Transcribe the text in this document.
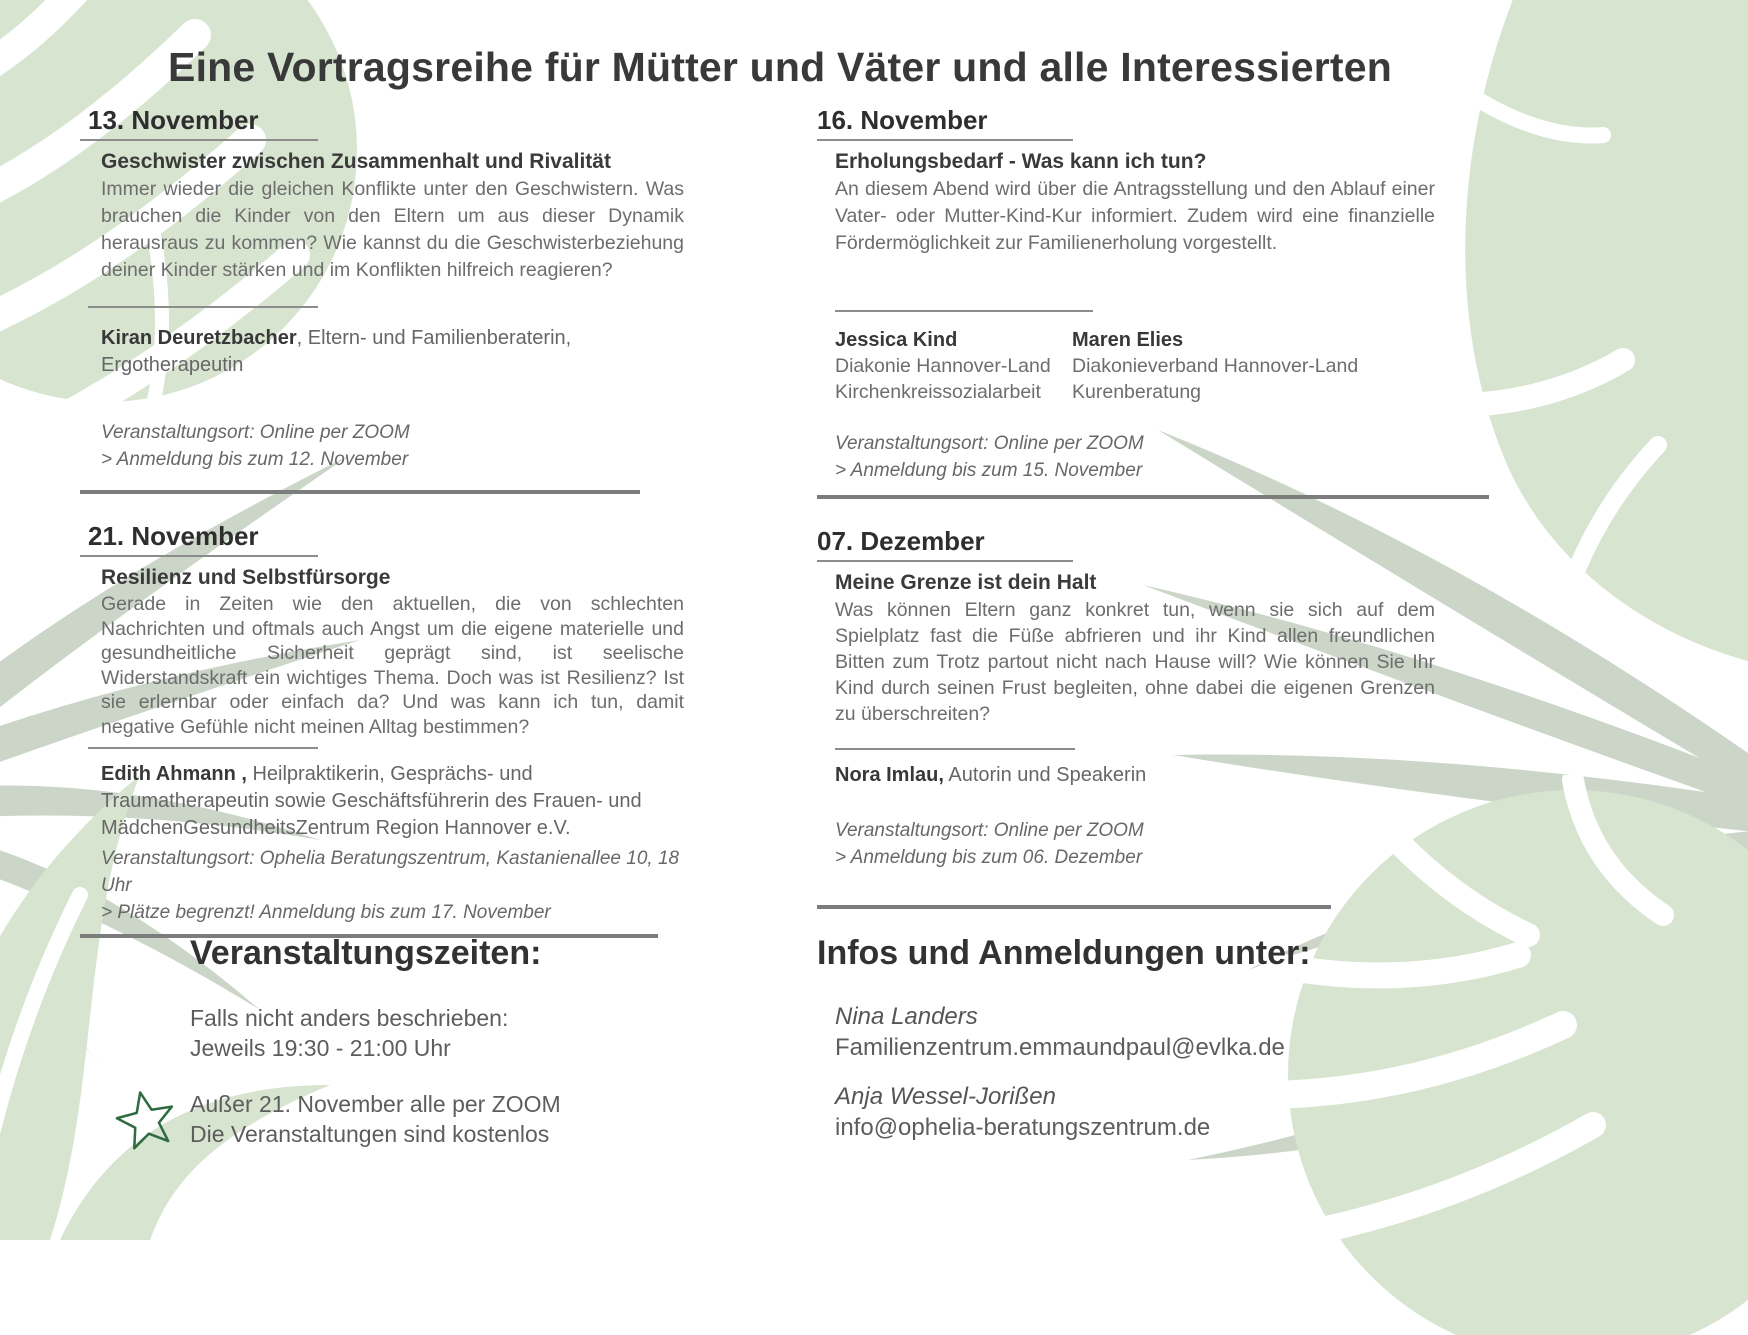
Eine Vortragsreihe für Mütter und Väter und alle Interessierten
13. November
Geschwister zwischen Zusammenhalt und Rivalität

Immer wieder die gleichen Konflikte unter den Geschwistern. Was brauchen die Kinder von den Eltern um aus dieser Dynamik herausraus zu kommen? Wie kannst du die Geschwisterbeziehung deiner Kinder stärken und im Konflikten hilfreich reagieren?

Kiran Deuretzbacher, Eltern- und Familienberaterin, Ergotherapeutin

Veranstaltungsort: Online per ZOOM
> Anmeldung bis zum 12. November

21. November
Resilienz und Selbstfürsorge

Gerade in Zeiten wie den aktuellen, die von schlechten Nachrichten und oftmals auch Angst um die eigene materielle und gesundheitliche Sicherheit geprägt sind, ist seelische Widerstandskraft ein wichtiges Thema. Doch was ist Resilienz? Ist sie erlernbar oder einfach da? Und was kann ich tun, damit negative Gefühle nicht meinen Alltag bestimmen?

Edith Ahmann , Heilpraktikerin, Gesprächs- und Traumatherapeutin sowie Geschäftsführerin des Frauen- und MädchenGesundheitsZentrum Region Hannover e.V.

Veranstaltungsort: Ophelia Beratungszentrum, Kastanienallee 10, 18 Uhr
> Plätze begrenzt! Anmeldung bis zum 17. November

16. November
Erholungsbedarf - Was kann ich tun?

An diesem Abend wird über die Antragsstellung und den Ablauf einer Vater- oder Mutter-Kind-Kur informiert. Zudem wird eine finanzielle Fördermöglichkeit zur Familienerholung vorgestellt.

Jessica Kind
Diakonie Hannover-Land
Kirchenkreissozialarbeit
Maren Elies
Diakonieverband Hannover-Land
Kurenberatung

Veranstaltungsort: Online per ZOOM
> Anmeldung bis zum 15. November

07. Dezember
Meine Grenze ist dein Halt

Was können Eltern ganz konkret tun, wenn sie sich auf dem Spielplatz fast die Füße abfrieren und ihr Kind allen freundlichen Bitten zum Trotz partout nicht nach Hause will? Wie können Sie Ihr Kind durch seinen Frust begleiten, ohne dabei die eigenen Grenzen zu überschreiten?

Nora Imlau, Autorin und Speakerin

Veranstaltungsort: Online per ZOOM
> Anmeldung bis zum 06. Dezember

Veranstaltungszeiten:
Falls nicht anders beschrieben:
Jeweils 19:30 - 21:00 Uhr
Außer 21. November alle per ZOOM
Die Veranstaltungen sind kostenlos
Infos und Anmeldungen unter:
Nina Landers
Familienzentrum.emmaundpaul@evlka.de
Anja Wessel-Jorißen
info@ophelia-beratungszentrum.de
